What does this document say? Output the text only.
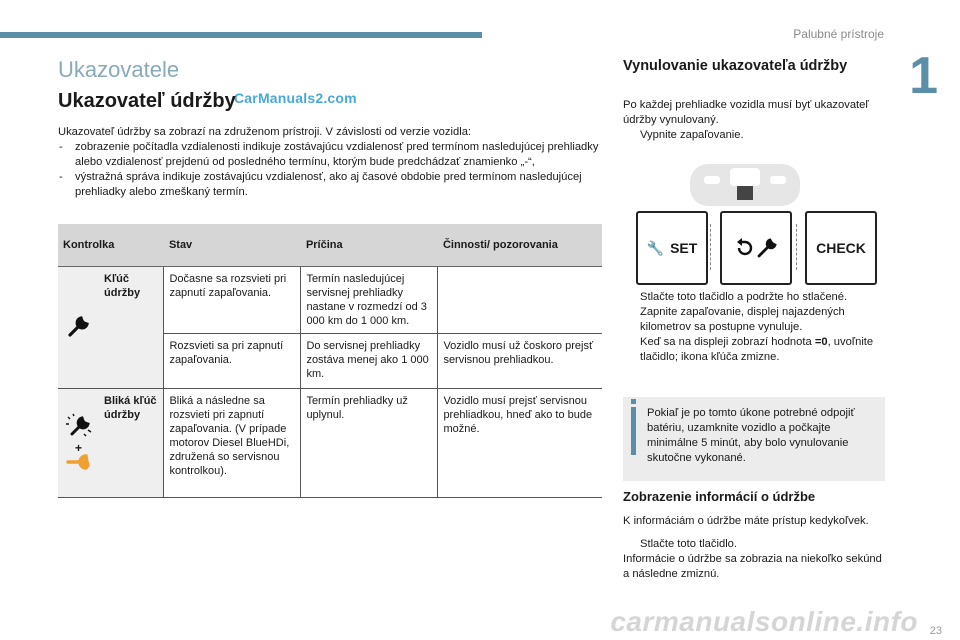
Palubné prístroje
1
23
CarManuals2.com
Ukazovatele
Ukazovateľ údržby

Ukazovateľ údržby sa zobrazí na združenom prístroji. V závislosti od verzie vozidla:

- zobrazenie počítadla vzdialenosti indikuje zostávajúcu vzdialenosť pred termínom nasledujúcej prehliadky alebo vzdialenosť prejdenú od posledného termínu, ktorým bude predchádzať znamienko „-“,

- výstražná správa indikuje zostávajúcu vzdialenosť, ako aj časové obdobie pred termínom nasledujúcej prehliadky alebo zmeškaný termín.

Kontrolka		Stav	Príčina	Činnosti/ pozorovania
	Kľúč údržby	Dočasne sa rozsvieti pri zapnutí zapaľovania.	Termín nasledujúcej servisnej prehliadky nastane v rozmedzí od 3 000 km do 1 000 km.	
		Rozsvieti sa pri zapnutí zapaľovania.	Do servisnej prehliadky zostáva menej ako 1 000 km.	Vozidlo musí už čoskoro prejsť servisnou prehliadkou.

+	Bliká kľúč údržby	Bliká a následne sa rozsvieti pri zapnutí zapaľovania. (V prípade motorov Diesel BlueHDi, združená so servisnou kontrolkou).	Termín prehliadky už uplynul.	Vozidlo musí prejsť servisnou prehliadkou, hneď ako to bude možné.
Vynulovanie ukazovateľa údržby

Po každej prehliadke vozidla musí byť ukazovateľ údržby vynulovaný.

Vypnite zapaľovanie.

🔧 SET	CHECK

Stlačte toto tlačidlo a podržte ho stlačené.

Zapnite zapaľovanie, displej najazdených kilometrov sa postupne vynuluje.

Keď sa na displeji zobrazí hodnota =0, uvoľnite tlačidlo; ikona kľúča zmizne.

Pokiaľ je po tomto úkone potrebné odpojiť batériu, uzamknite vozidlo a počkajte minimálne 5 minút, aby bolo vynulovanie skutočne vykonané.
Zobrazenie informácií o údržbe

K informáciám o údržbe máte prístup kedykoľvek.

Stlačte toto tlačidlo.

Informácie o údržbe sa zobrazia na niekoľko sekúnd a následne zmiznú.

carmanualsonline.info
